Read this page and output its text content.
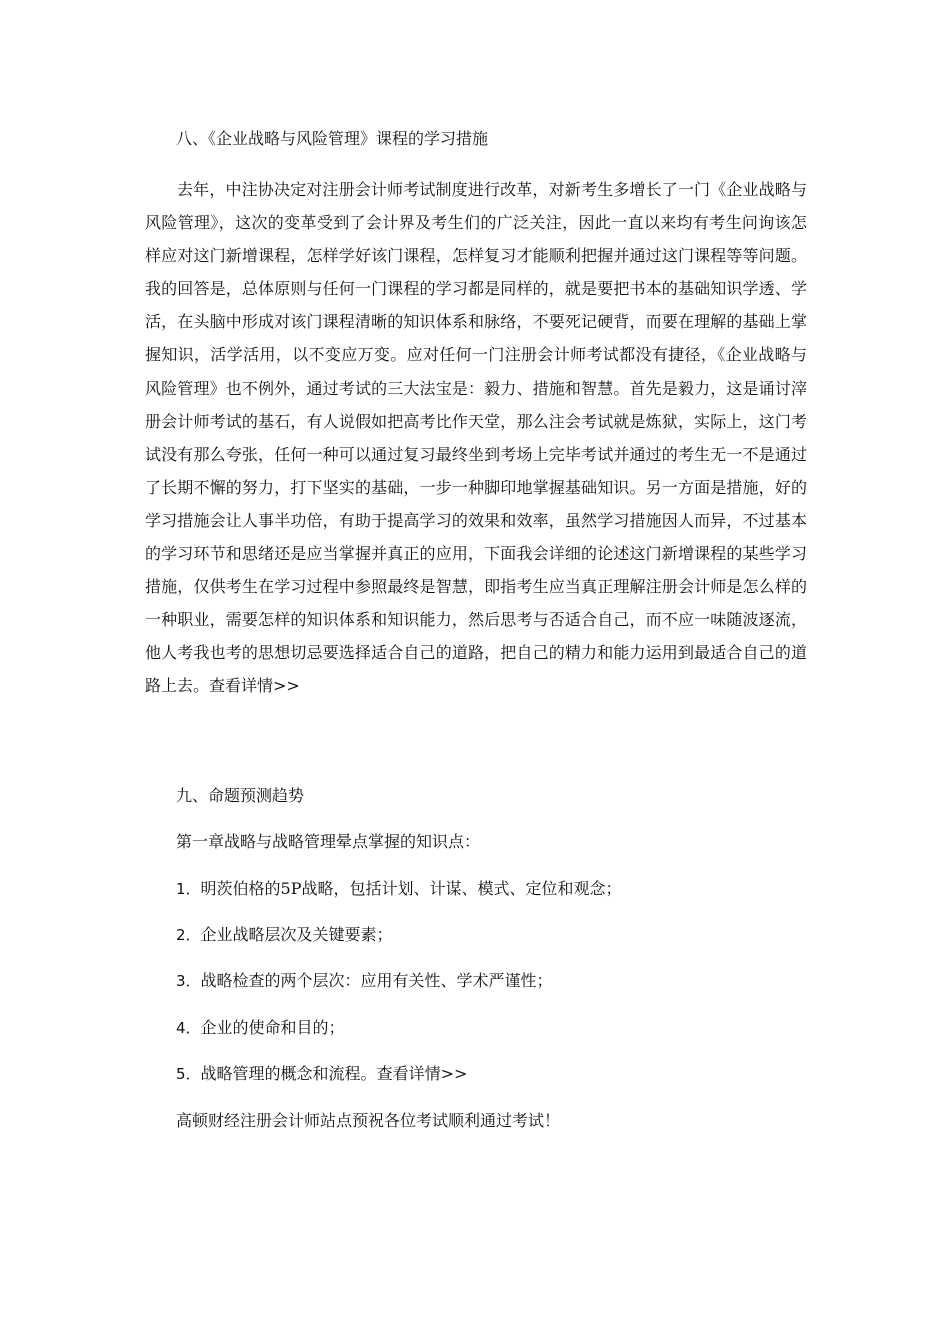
八、《企业战略与风险管理》课程的学习措施
去年，中注协决定对注册会计师考试制度进行改革，对新考生多增长了一门《企业战略与风险管理》，这次的变革受到了会计界及考生们的广泛关注，因此一直以来均有考生问询该怎样应对这门新增课程，怎样学好该门课程，怎样复习才能顺利把握并通过这门课程等等问题。我的回答是，总体原则与任何一门课程的学习都是同样的，就是要把书本的基础知识学透、学活，在头脑中形成对该门课程清晰的知识体系和脉络，不要死记硬背，而要在理解的基础上掌握知识，活学活用，以不变应万变。应对任何一门注册会计师考试都没有捷径，《企业战略与风险管理》也不例外，通过考试的三大法宝是：毅力、措施和智慧。首先是毅力，这是诵讨滓册会计师考试的基石，有人说假如把高考比作天堂，那么注会考试就是炼狱，实际上，这门考试没有那么夸张，任何一种可以通过复习最终坐到考场上完毕考试并通过的考生无一不是通过了长期不懈的努力，打下坚实的基础，一步一种脚印地掌握基础知识。另一方面是措施，好的学习措施会让人事半功倍，有助于提高学习的效果和效率，虽然学习措施因人而异，不过基本的学习环节和思绪还是应当掌握并真正的应用，下面我会详细的论述这门新增课程的某些学习措施，仅供考生在学习过程中参照最终是智慧，即指考生应当真正理解注册会计师是怎么样的一种职业，需要怎样的知识体系和知识能力，然后思考与否适合自己，而不应一味随波逐流，他人考我也考的思想切忌要选择适合自己的道路，把自己的精力和能力运用到最适合自己的道路上去。查看详情>>
九、命题预测趋势
第一章战略与战略管理晕点掌握的知识点：
1．明茨伯格的5P战略，包括计划、计谋、模式、定位和观念；
2．企业战略层次及关键要素；
3．战略检查的两个层次：应用有关性、学术严谨性；
4．企业的使命和目的；
5．战略管理的概念和流程。查看详情>>
高顿财经注册会计师站点预祝各位考试顺利通过考试！
